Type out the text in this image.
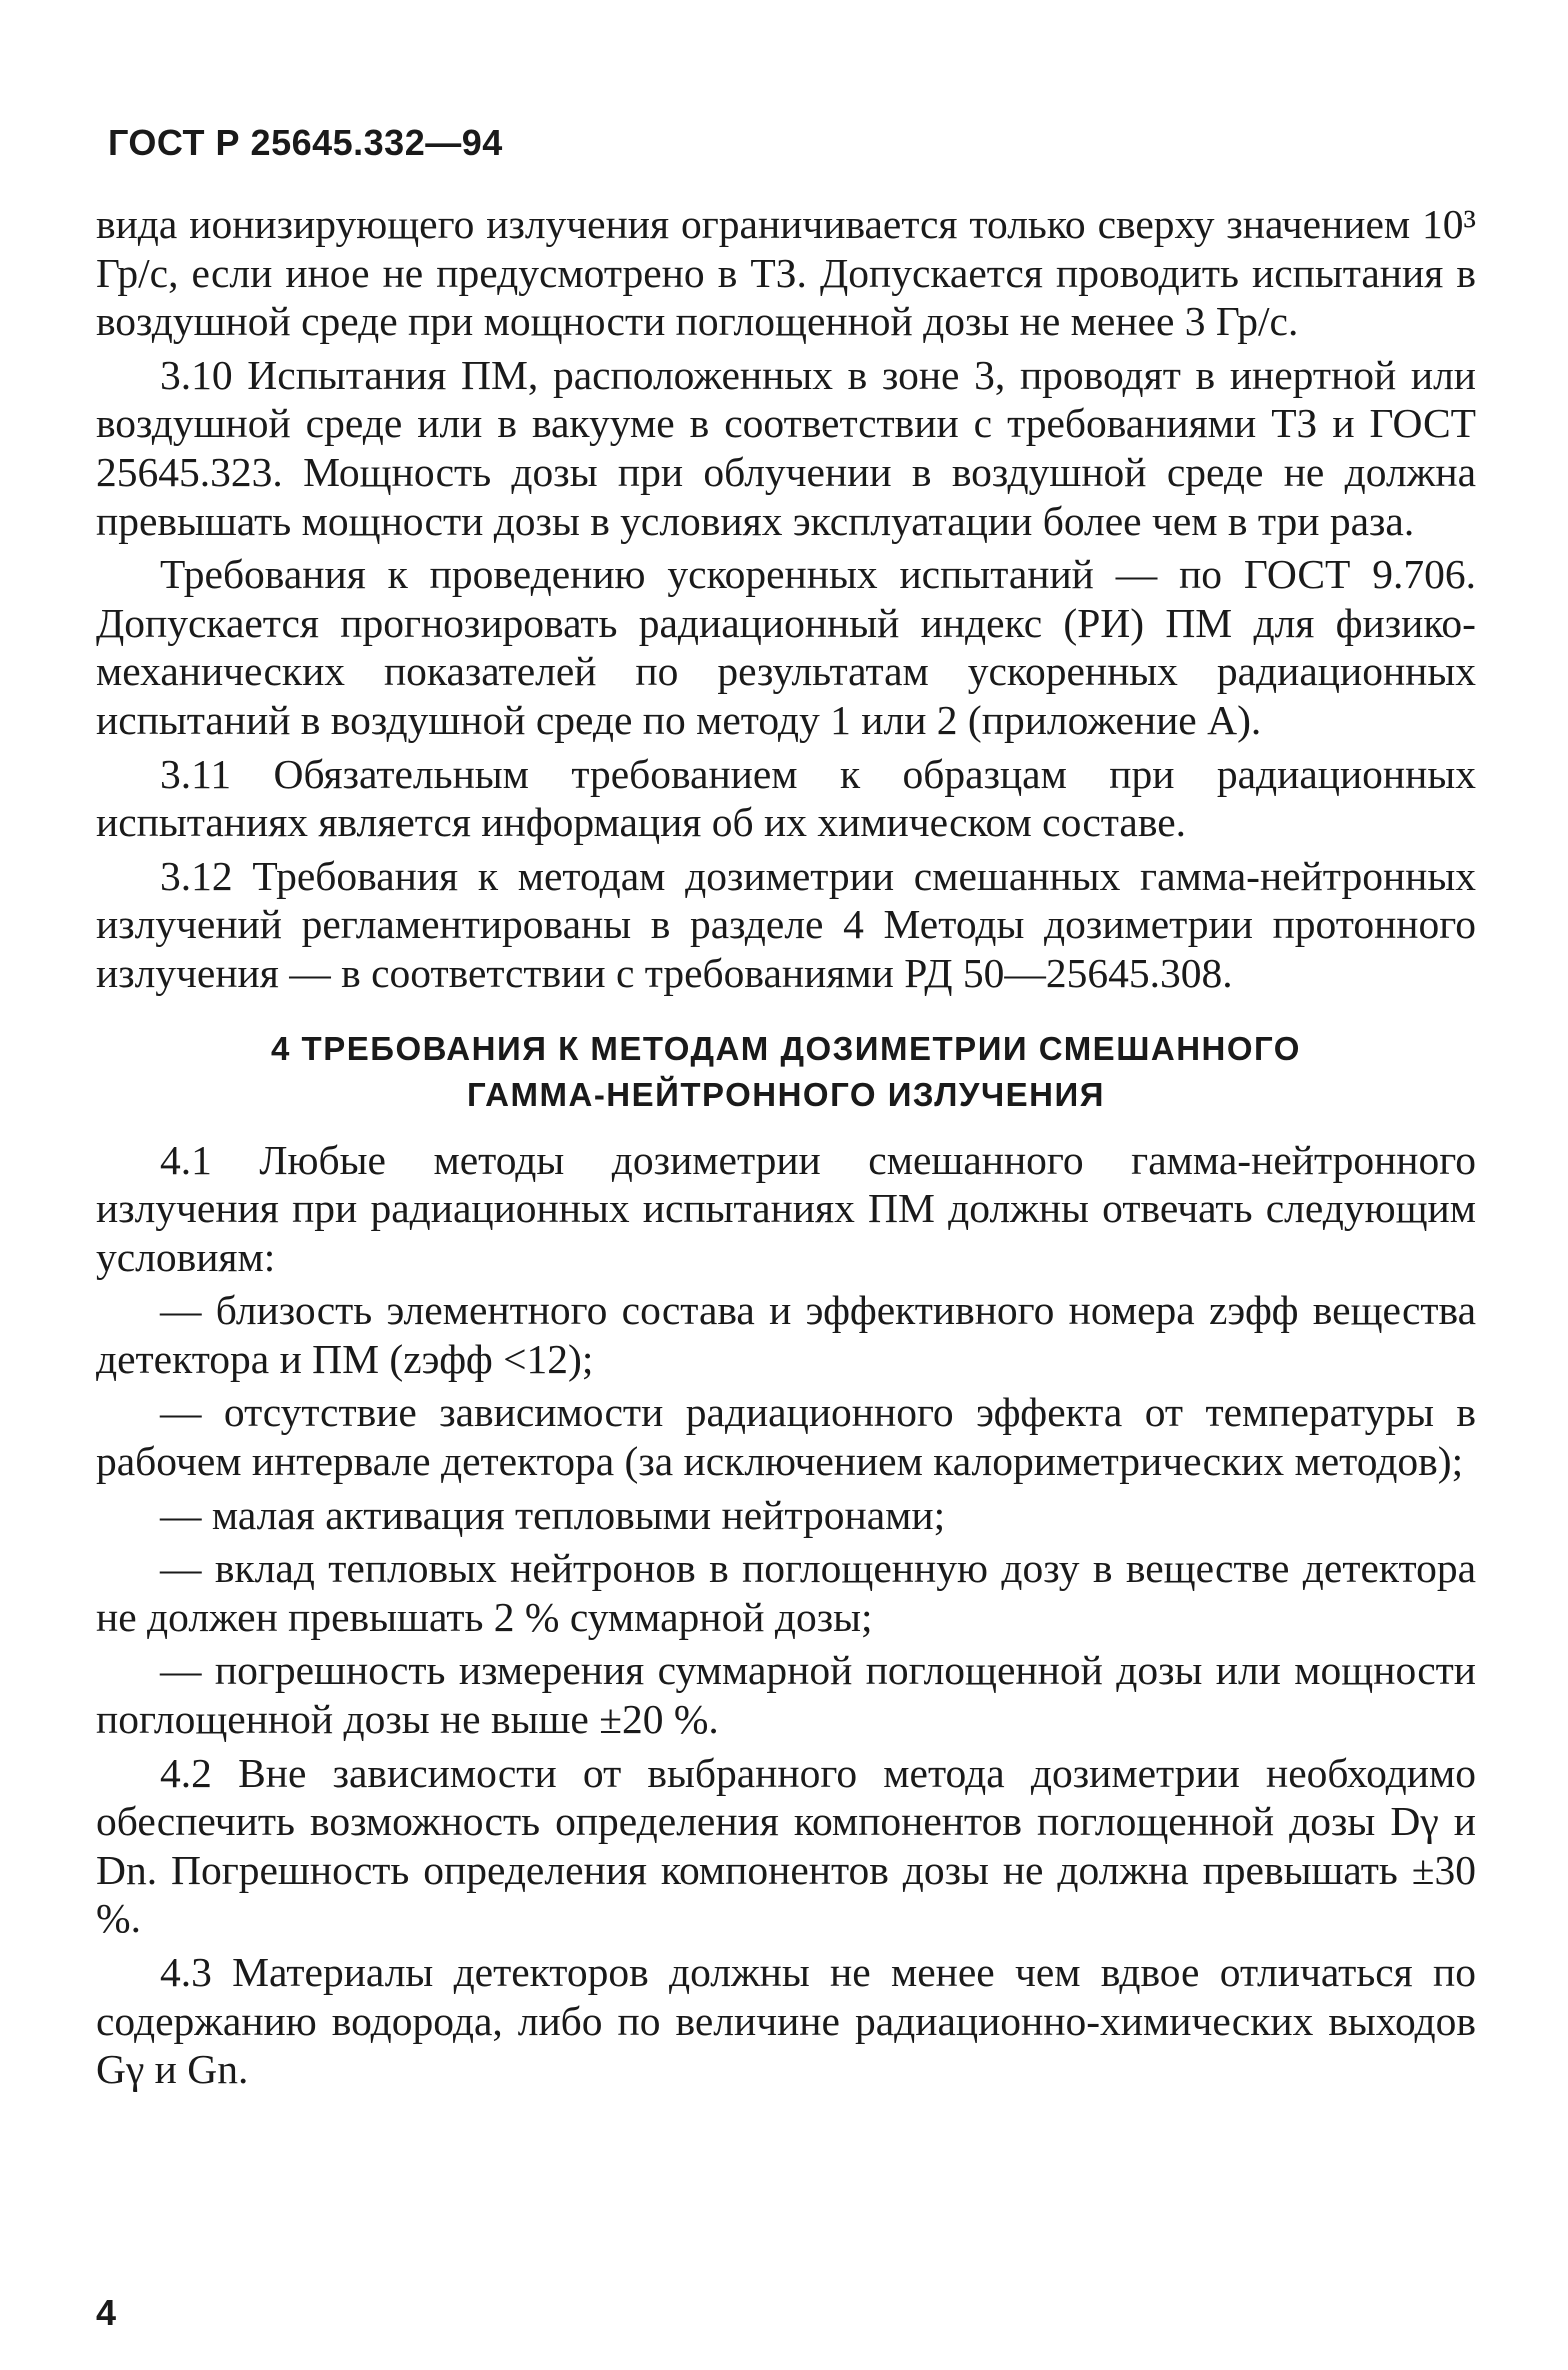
ГОСТ Р 25645.332—94

вида ионизирующего излучения ограничивается только сверху значением 10³ Гр/с, если иное не предусмотрено в ТЗ. Допускается проводить испытания в воздушной среде при мощности поглощенной дозы не менее 3 Гр/с.

3.10 Испытания ПМ, расположенных в зоне 3, проводят в инертной или воздушной среде или в вакууме в соответствии с требованиями ТЗ и ГОСТ 25645.323. Мощность дозы при облучении в воздушной среде не должна превышать мощности дозы в условиях эксплуатации более чем в три раза.

Требования к проведению ускоренных испытаний — по ГОСТ 9.706. Допускается прогнозировать радиационный индекс (РИ) ПМ для физико-механических показателей по результатам ускоренных радиационных испытаний в воздушной среде по методу 1 или 2 (приложение А).

3.11 Обязательным требованием к образцам при радиационных испытаниях является информация об их химическом составе.

3.12 Требования к методам дозиметрии смешанных гамма-нейтронных излучений регламентированы в разделе 4 Методы дозиметрии протонного излучения — в соответствии с требованиями РД 50—25645.308.

4 ТРЕБОВАНИЯ К МЕТОДАМ ДОЗИМЕТРИИ СМЕШАННОГО
ГАММА-НЕЙТРОННОГО ИЗЛУЧЕНИЯ

4.1 Любые методы дозиметрии смешанного гамма-нейтронного излучения при радиационных испытаниях ПМ должны отвечать следующим условиям:

— близость элементного состава и эффективного номера zэфф вещества детектора и ПМ (zэфф <12);

— отсутствие зависимости радиационного эффекта от температуры в рабочем интервале детектора (за исключением калориметрических методов);

— малая активация тепловыми нейтронами;

— вклад тепловых нейтронов в поглощенную дозу в веществе детектора не должен превышать 2 % суммарной дозы;

— погрешность измерения суммарной поглощенной дозы или мощности поглощенной дозы не выше ±20 %.

4.2 Вне зависимости от выбранного метода дозиметрии необходимо обеспечить возможность определения компонентов поглощенной дозы Dγ и Dn. Погрешность определения компонентов дозы не должна превышать ±30 %.

4.3 Материалы детекторов должны не менее чем вдвое отличаться по содержанию водорода, либо по величине радиационно-химических выходов Gγ и Gn.

4
